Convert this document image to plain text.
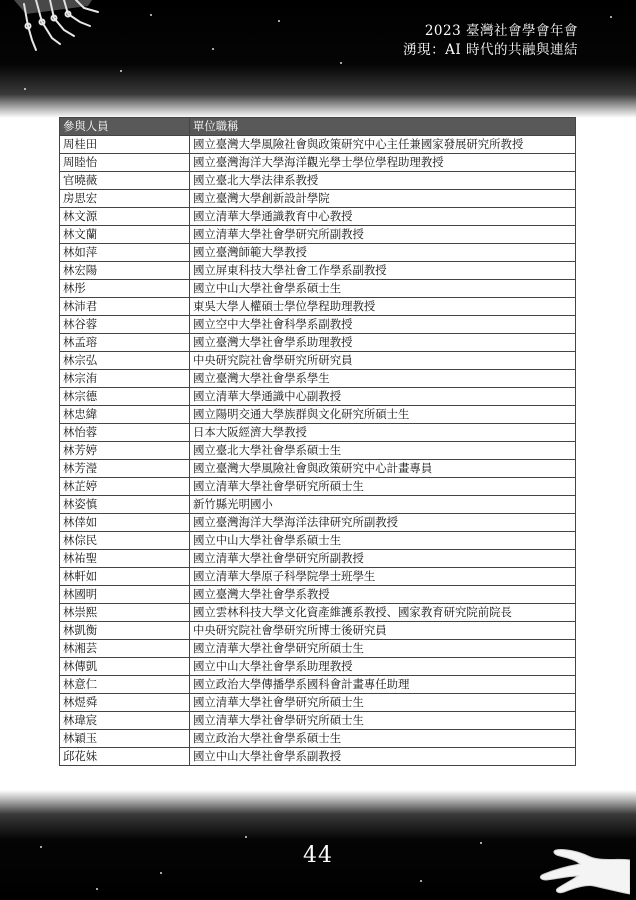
2023 臺灣社會學會年會
湧現：AI 時代的共融與連結
參與人員	單位職稱
周桂田	國立臺灣大學風險社會與政策研究中心主任兼國家發展研究所教授
周睦怡	國立臺灣海洋大學海洋觀光學士學位學程助理教授
官曉薇	國立臺北大學法律系教授
房思宏	國立臺灣大學創新設計學院
林文源	國立清華大學通識教育中心教授
林文蘭	國立清華大學社會學研究所副教授
林如萍	國立臺灣師範大學教授
林宏陽	國立屏東科技大學社會工作學系副教授
林彤	國立中山大學社會學系碩士生
林沛君	東吳大學人權碩士學位學程助理教授
林谷蓉	國立空中大學社會科學系副教授
林孟瑢	國立臺灣大學社會學系助理教授
林宗弘	中央研究院社會學研究所研究員
林宗洧	國立臺灣大學社會學系學生
林宗德	國立清華大學通識中心副教授
林忠緯	國立陽明交通大學族群與文化研究所碩士生
林怡蓉	日本大阪經濟大學教授
林芳婷	國立臺北大學社會學系碩士生
林芳瀅	國立臺灣大學風險社會與政策研究中心計畫專員
林芷婷	國立清華大學社會學研究所碩士生
林姿慎	新竹縣光明國小
林倖如	國立臺灣海洋大學海洋法律研究所副教授
林倧民	國立中山大學社會學系碩士生
林祐聖	國立清華大學社會學研究所副教授
林軒如	國立清華大學原子科學院學士班學生
林國明	國立臺灣大學社會學系教授
林崇熙	國立雲林科技大學文化資產維護系教授、國家教育研究院前院長
林凱衡	中央研究院社會學研究所博士後研究員
林湘芸	國立清華大學社會學研究所碩士生
林傳凱	國立中山大學社會學系助理教授
林意仁	國立政治大學傳播學系國科會計畫專任助理
林煜舜	國立清華大學社會學研究所碩士生
林瑋宸	國立清華大學社會學研究所碩士生
林穎玉	國立政治大學社會學系碩士生
邱花妹	國立中山大學社會學系副教授
44
